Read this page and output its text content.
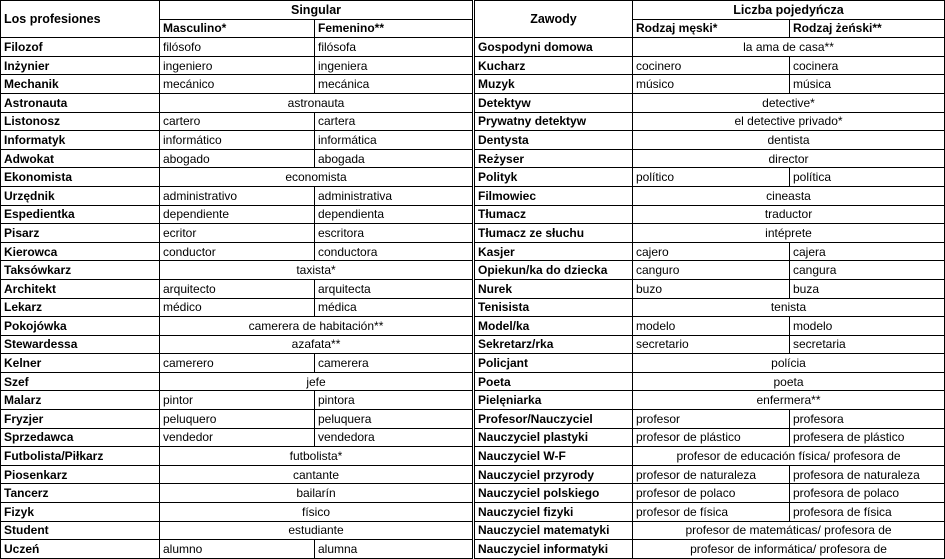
Los profesiones	Singular	
	Masculino*	Femenino**
Filozof	filósofo	filósofa
Inżynier	ingeniero	ingeniera
Mechanik	mecánico	mecánica
Astronauta	astronauta	
Listonosz	cartero	cartera
Informatyk	informático	informática
Adwokat	abogado	abogada
Ekonomista	economista	
Urzędnik	administrativo	administrativa
Espedientka	dependiente	dependienta
Pisarz	ecritor	escritora
Kierowca	conductor	conductora
Taksówkarz	taxista*	
Architekt	arquitecto	arquitecta
Lekarz	médico	médica
Pokojówka	camerera de habitación**	
Stewardessa	azafata**	
Kelner	camerero	camerera
Szef	jefe	
Malarz	pintor	pintora
Fryzjer	peluquero	peluquera
Sprzedawca	vendedor	vendedora
Futbolista/Piłkarz	futbolista*	
Piosenkarz	cantante	
Tancerz	bailarín	
Fizyk	físico	
Student	estudiante	
Uczeń	alumno	alumna
Zawody	Liczba pojedyńcza	
	Rodzaj męski*	Rodzaj żeński**
Gospodyni domowa	la ama de casa**	
Kucharz	cocinero	cocinera
Muzyk	músico	música
Detektyw	detective*	
Prywatny detektyw	el detective privado*	
Dentysta	dentista	
Reżyser	director	
Polityk	político	política
Filmowiec	cineasta	
Tłumacz	traductor	
Tłumacz ze słuchu	intéprete	
Kasjer	cajero	cajera
Opiekun/ka do dziecka	canguro	cangura
Nurek	buzo	buza
Tenisista	tenista	
Model/ka	modelo	modelo
Sekretarz/rka	secretario	secretaria
Policjant	polícia	
Poeta	poeta	
Pielęniarka	enfermera**	
Profesor/Nauczyciel	profesor	profesora
Nauczyciel plastyki	profesor de plástico	profesera de plástico
Nauczyciel W-F	profesor de educación física/ profesora de	
Nauczyciel przyrody	profesor de naturaleza	profesora de naturaleza
Nauczyciel polskiego	profesor de polaco	profesora de polaco
Nauczyciel fizyki	profesor de física	profesora de física
Nauczyciel matematyki	profesor de matemáticas/ profesora de	
Nauczyciel informatyki	profesor de informática/ profesora de	
